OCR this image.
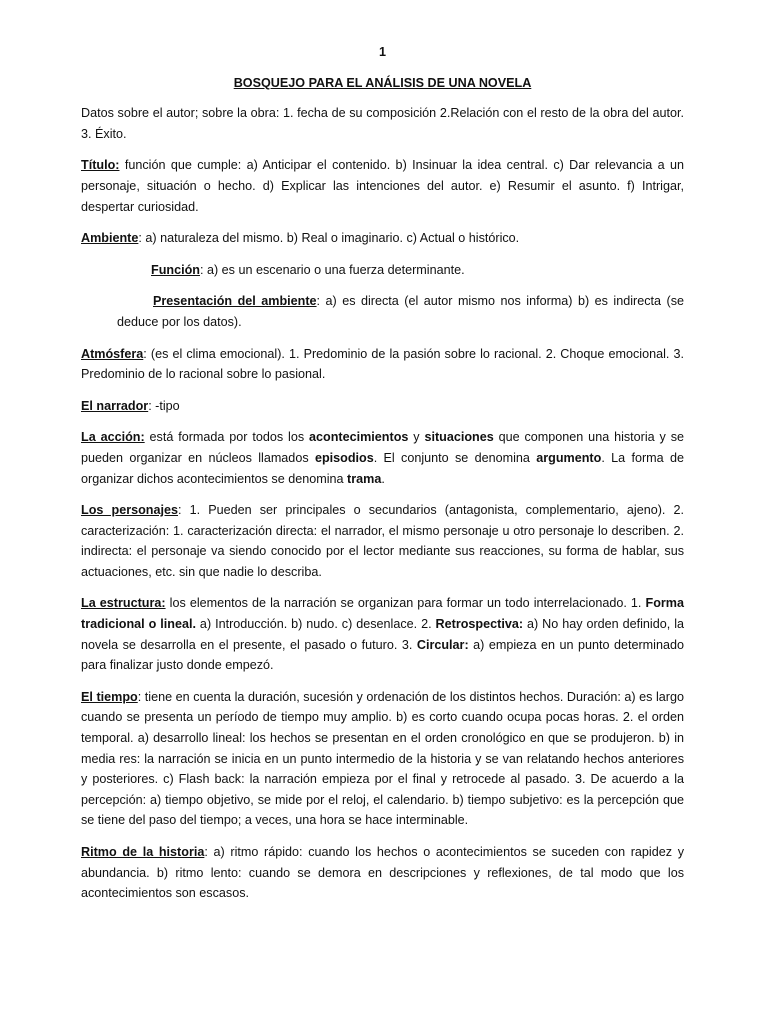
1
BOSQUEJO PARA EL ANÁLISIS DE UNA NOVELA

Datos sobre el autor; sobre la obra: 1. fecha de su composición 2.Relación con el resto de la obra del autor. 3. Éxito.

Título: función que cumple: a) Anticipar el contenido. b) Insinuar la idea central. c) Dar relevancia a un personaje, situación o hecho. d) Explicar las intenciones del autor. e) Resumir el asunto. f) Intrigar, despertar curiosidad.

Ambiente: a) naturaleza del mismo. b) Real o imaginario. c) Actual o histórico.

Función: a) es un escenario o una fuerza determinante.

Presentación del ambiente: a) es directa (el autor mismo nos informa) b) es indirecta (sededuce por los datos).

Atmósfera: (es el clima emocional). 1. Predominio de la pasión sobre lo racional. 2. Choque emocional. 3. Predominio de lo racional sobre lo pasional.

El narrador: -tipo

La acción: está formada por todos los acontecimientos y situaciones que componen una historia y se pueden organizar en núcleos llamados episodios. El conjunto se denomina argumento. La forma de organizar dichos acontecimientos se denomina trama.

Los personajes: 1. Pueden ser principales o secundarios (antagonista, complementario, ajeno). 2. caracterización: 1. caracterización directa: el narrador, el mismo personaje u otro personaje lo describen. 2. indirecta: el personaje va siendo conocido por el lector mediante sus reacciones, su forma de hablar, sus actuaciones, etc. sin que nadie lo describa.

La estructura: los elementos de la narración se organizan para formar un todo interrelacionado. 1. Forma tradicional o lineal. a) Introducción. b) nudo. c) desenlace. 2. Retrospectiva: a) No hay orden definido, la novela se desarrolla en el presente, el pasado o futuro. 3. Circular: a) empieza en un punto determinado para finalizar justo donde empezó.

El tiempo: tiene en cuenta la duración, sucesión y ordenación de los distintos hechos. Duración: a) es largo cuando se presenta un período de tiempo muy amplio. b) es corto cuando ocupa pocas horas. 2. el orden temporal. a) desarrollo lineal: los hechos se presentan en el orden cronológico en que se produjeron. b) in media res: la narración se inicia en un punto intermedio de la historia y se van relatando hechos anteriores y posteriores. c) Flash back: la narración empieza por el final y retrocede al pasado. 3. De acuerdo a la percepción: a) tiempo objetivo, se mide por el reloj, el calendario. b) tiempo subjetivo: es la percepción que se tiene del paso del tiempo; a veces, una hora se hace interminable.

Ritmo de la historia: a) ritmo rápido: cuando los hechos o acontecimientos se suceden con rapidez y abundancia. b) ritmo lento: cuando se demora en descripciones y reflexiones, de tal modo que los acontecimientos son escasos.
